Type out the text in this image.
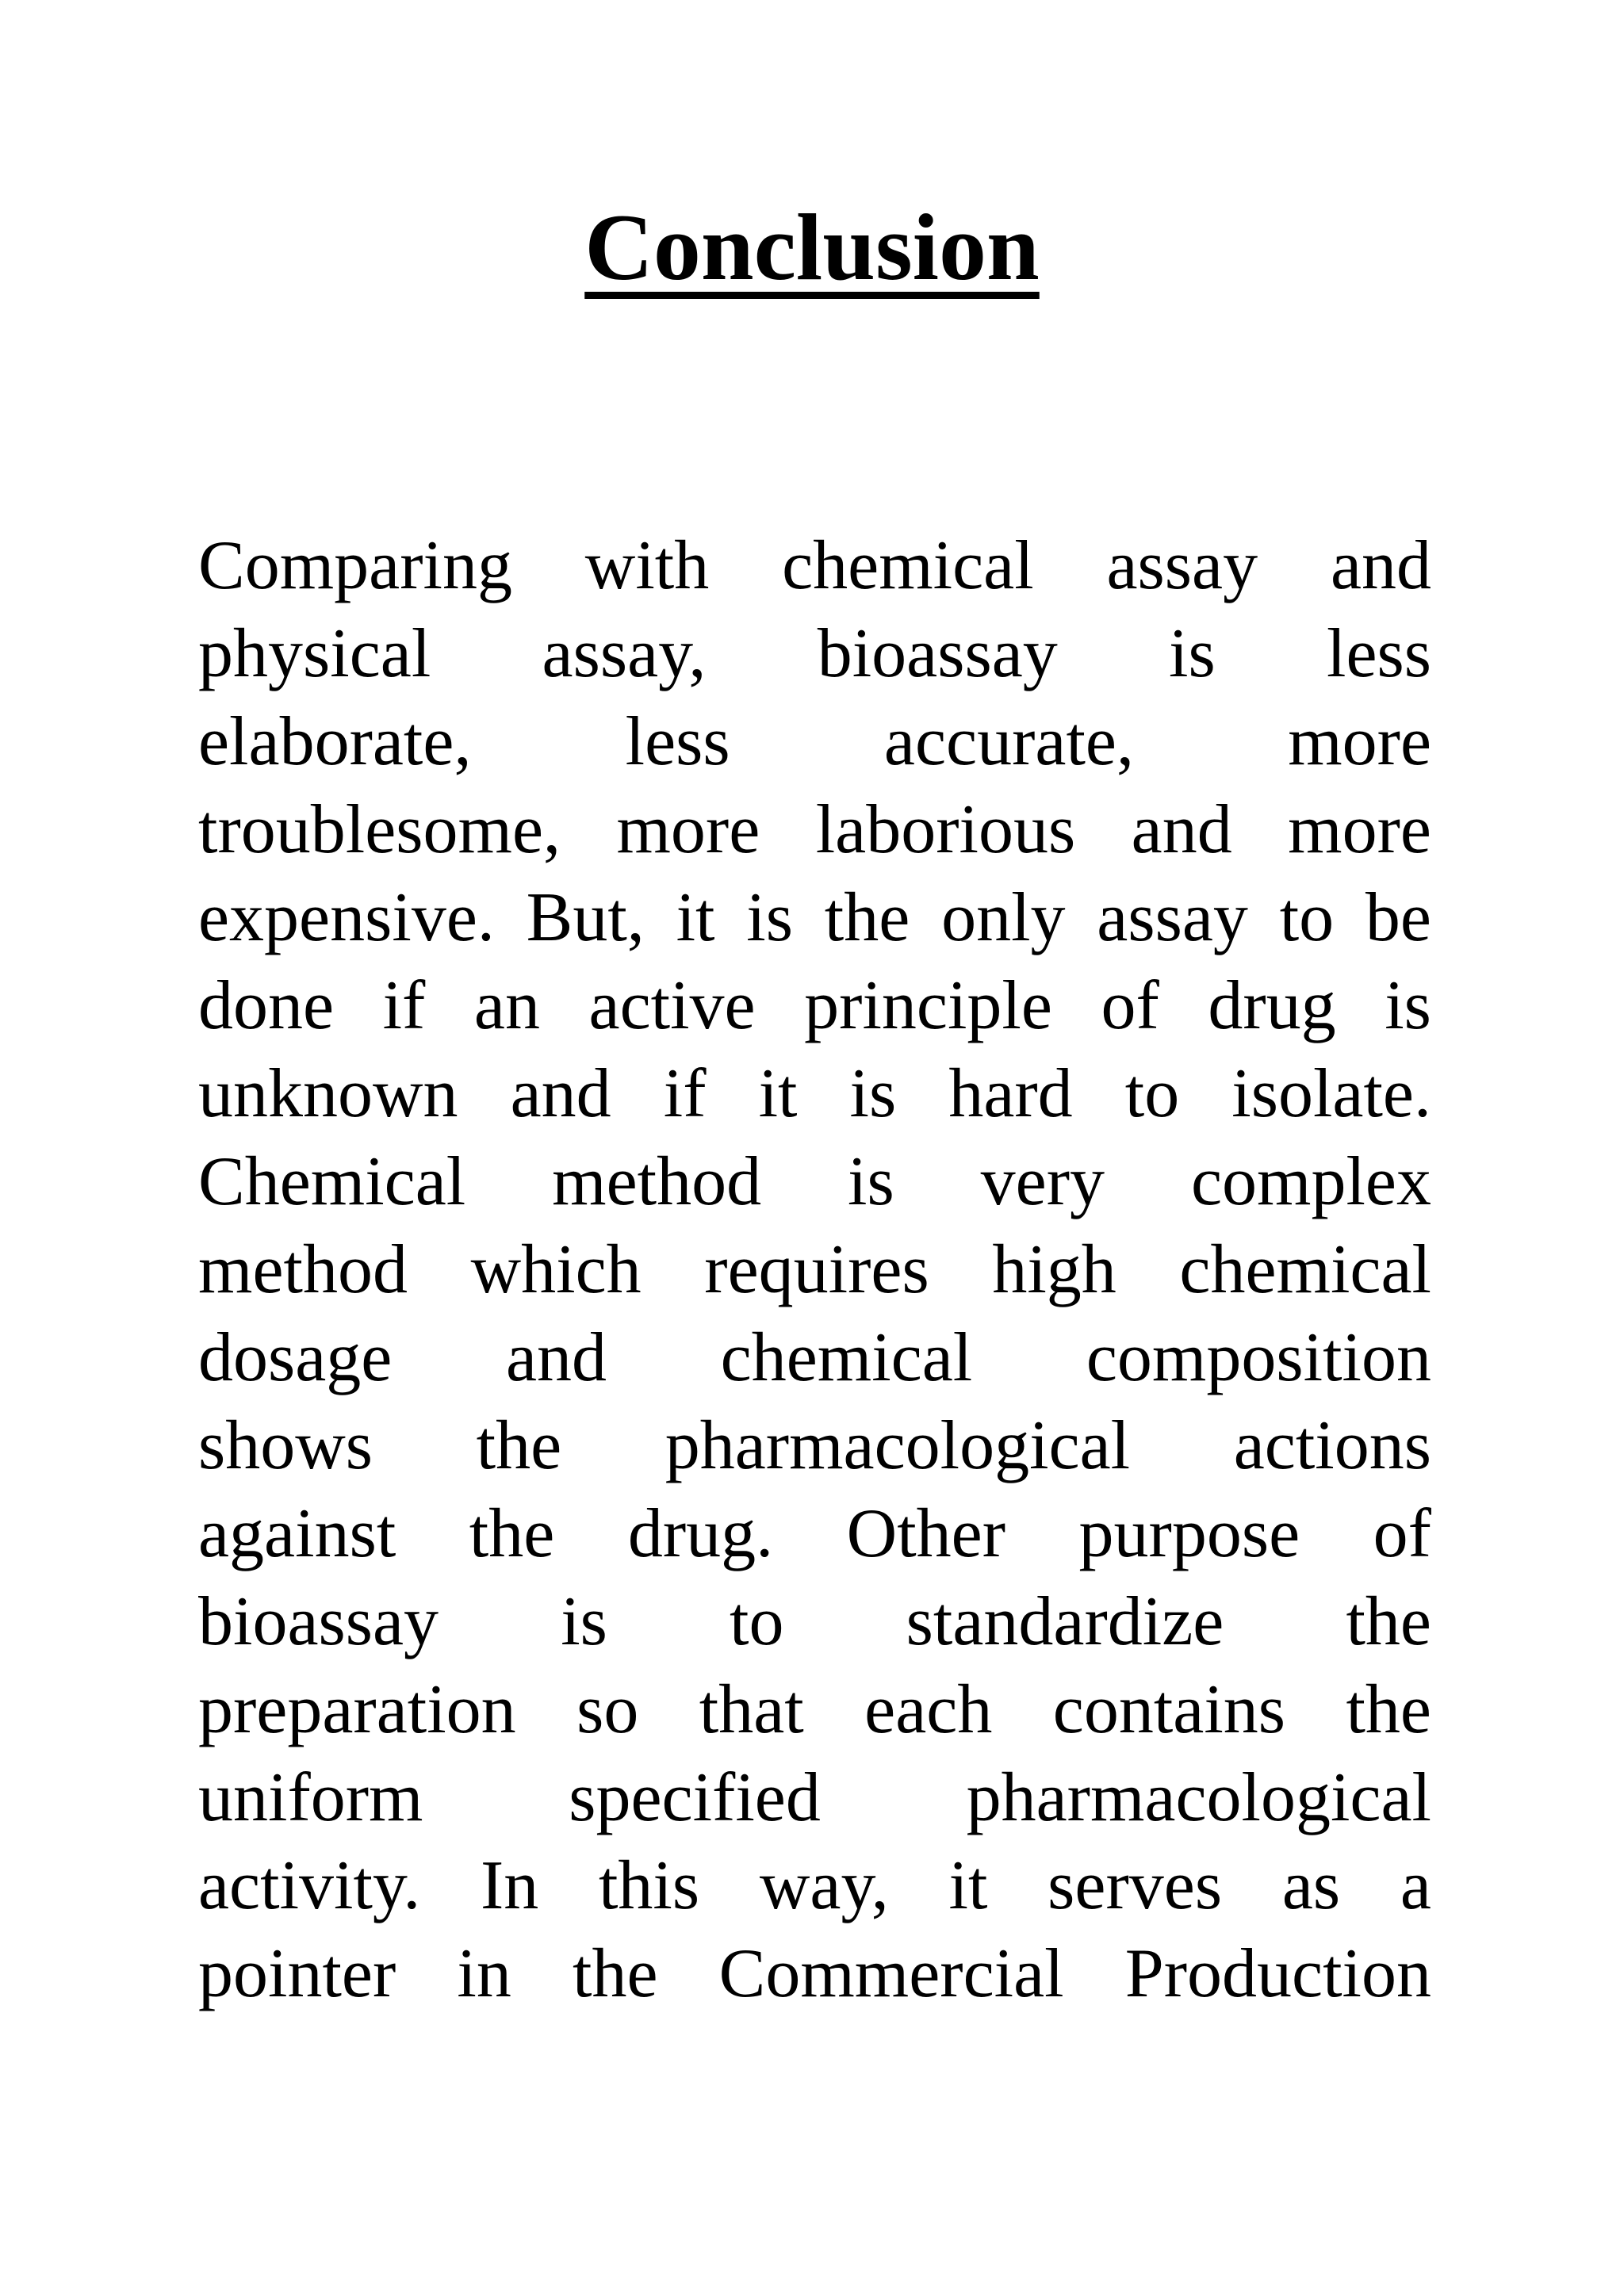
Conclusion
Comparing with chemical assay and
physical assay, bioassay is less
elaborate, less accurate, more
troublesome, more laborious and more
expensive. But, it is the only assay to be
done if an active principle of drug is
unknown and if it is hard to isolate.
Chemical method is very complex
method which requires high chemical
dosage and chemical composition
shows the pharmacological actions
against the drug. Other purpose of
bioassay is to standardize the
preparation so that each contains the
uniform specified pharmacological
activity. In this way, it serves as a
pointer in the Commercial Production
